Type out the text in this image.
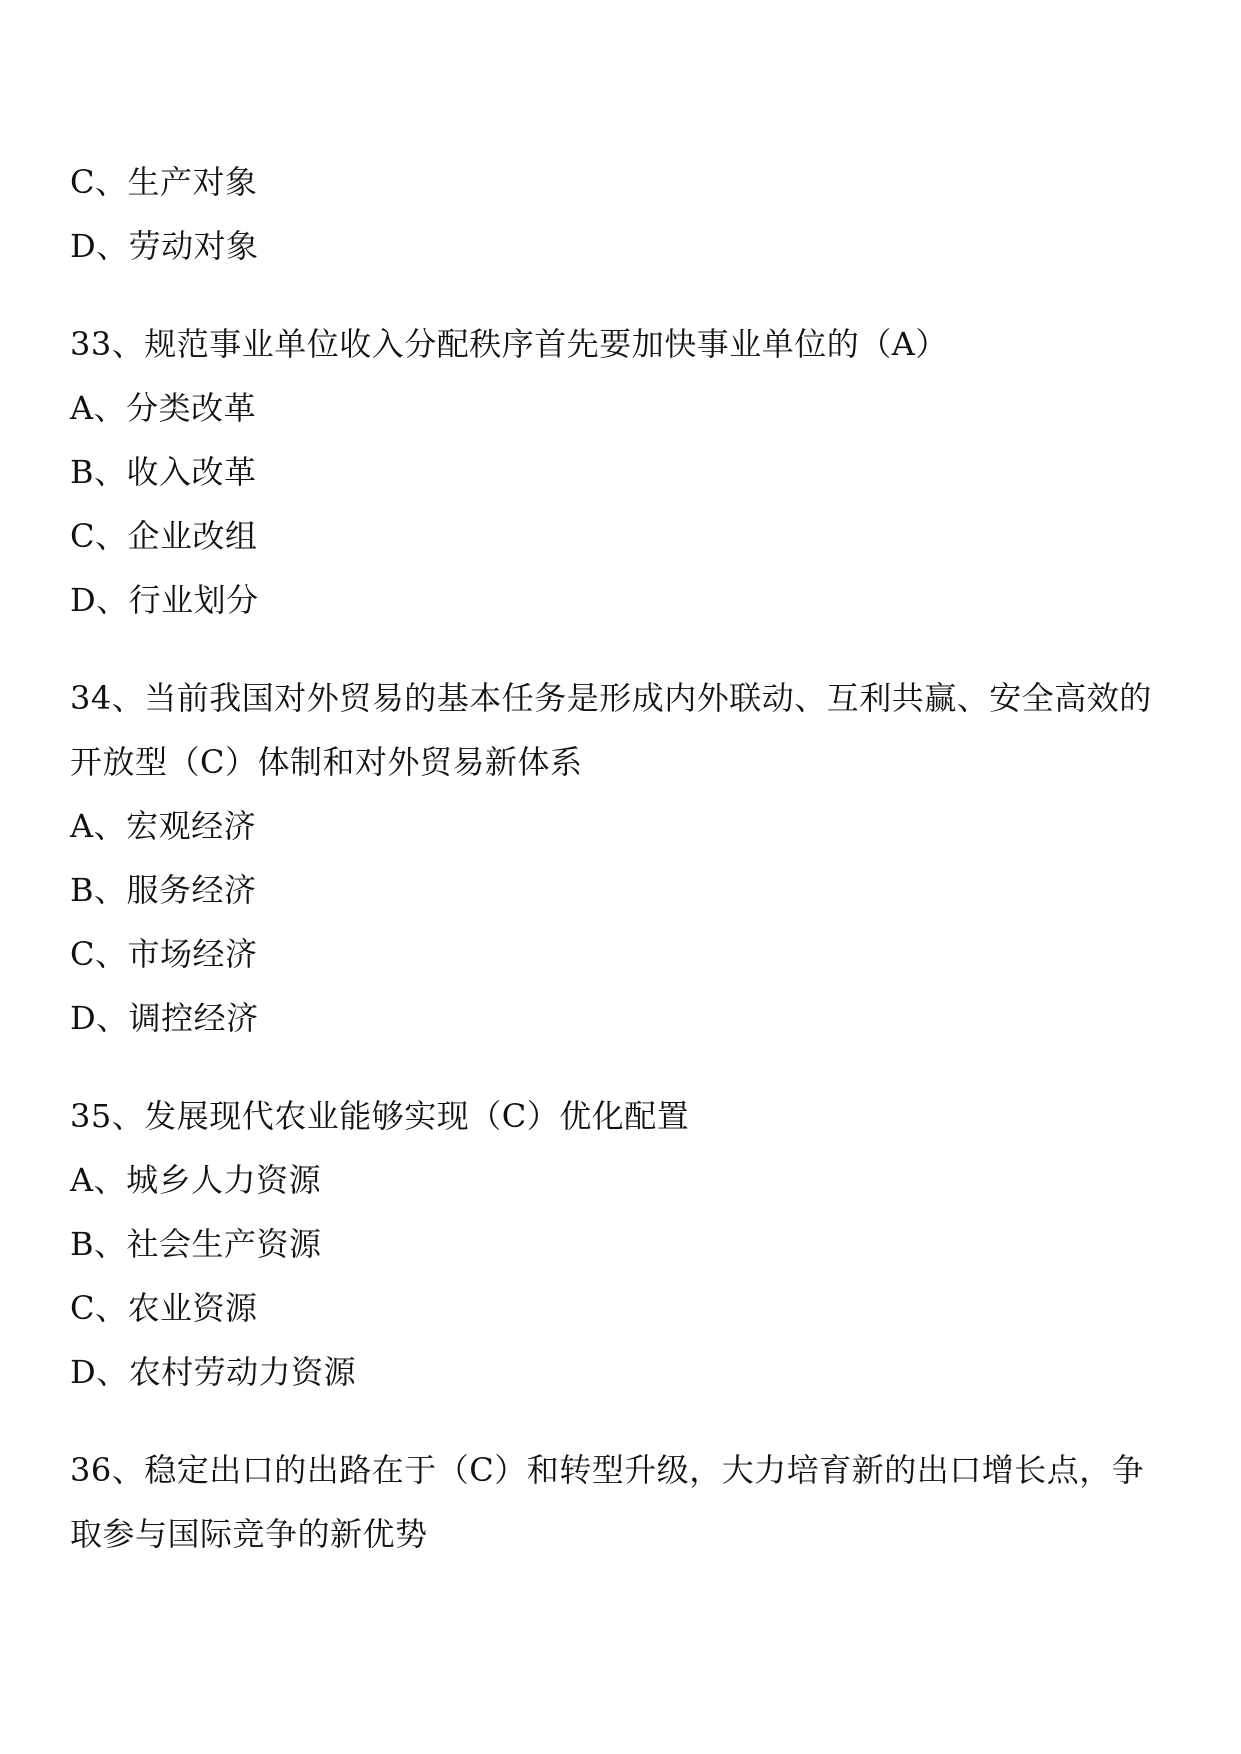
C、生产对象
D、劳动对象
33、规范事业单位收入分配秩序首先要加快事业单位的（A）
A、分类改革
B、收入改革
C、企业改组
D、行业划分
34、当前我国对外贸易的基本任务是形成内外联动、互利共赢、安全高效的
开放型（C）体制和对外贸易新体系
A、宏观经济
B、服务经济
C、市场经济
D、调控经济
35、发展现代农业能够实现（C）优化配置
A、城乡人力资源
B、社会生产资源
C、农业资源
D、农村劳动力资源
36、稳定出口的出路在于（C）和转型升级，大力培育新的出口增长点，争
取参与国际竞争的新优势
